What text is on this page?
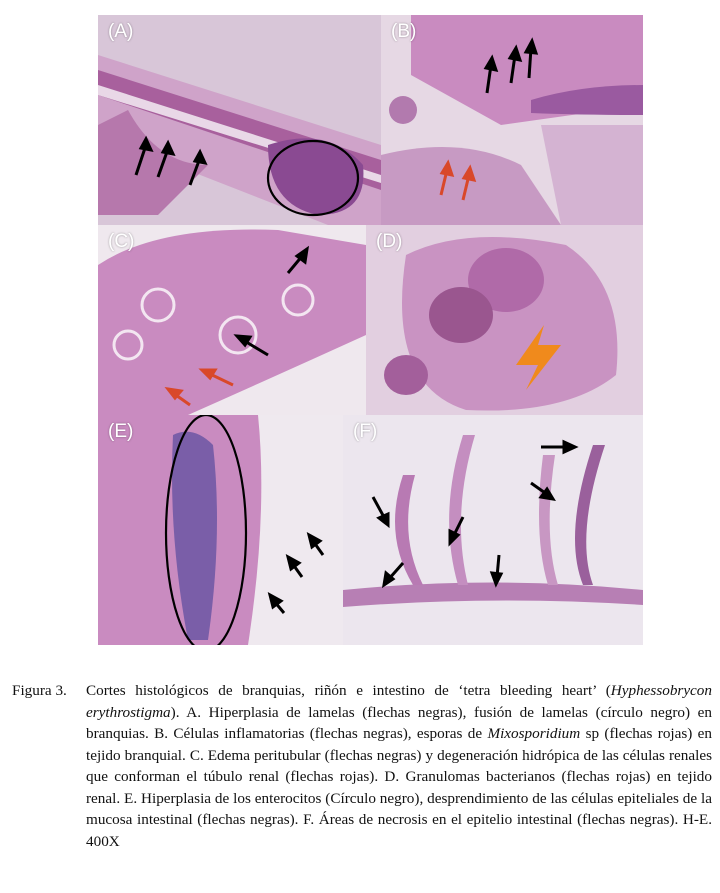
(A)	(B)
(C)	(D)
(E)	(F)
Figura 3. Cortes histológicos de branquias, riñón e intestino de ‘tetra bleeding heart’ (Hyphessobrycon erythrostigma). A. Hiperplasia de lamelas (flechas negras), fusión de lamelas (círculo negro) en branquias. B. Células inflamatorias (flechas negras), esporas de Mixosporidium sp (flechas rojas) en tejido branquial. C. Edema peritubular (flechas negras) y degeneración hidrópica de las células renales que conforman el túbulo renal (flechas rojas). D. Granulomas bacterianos (flechas rojas) en tejido renal. E. Hiperplasia de los enterocitos (Círculo negro), desprendimiento de las células epiteliales de la mucosa intestinal (flechas negras). F. Áreas de necrosis en el epitelio intestinal (flechas negras). H-E. 400X
